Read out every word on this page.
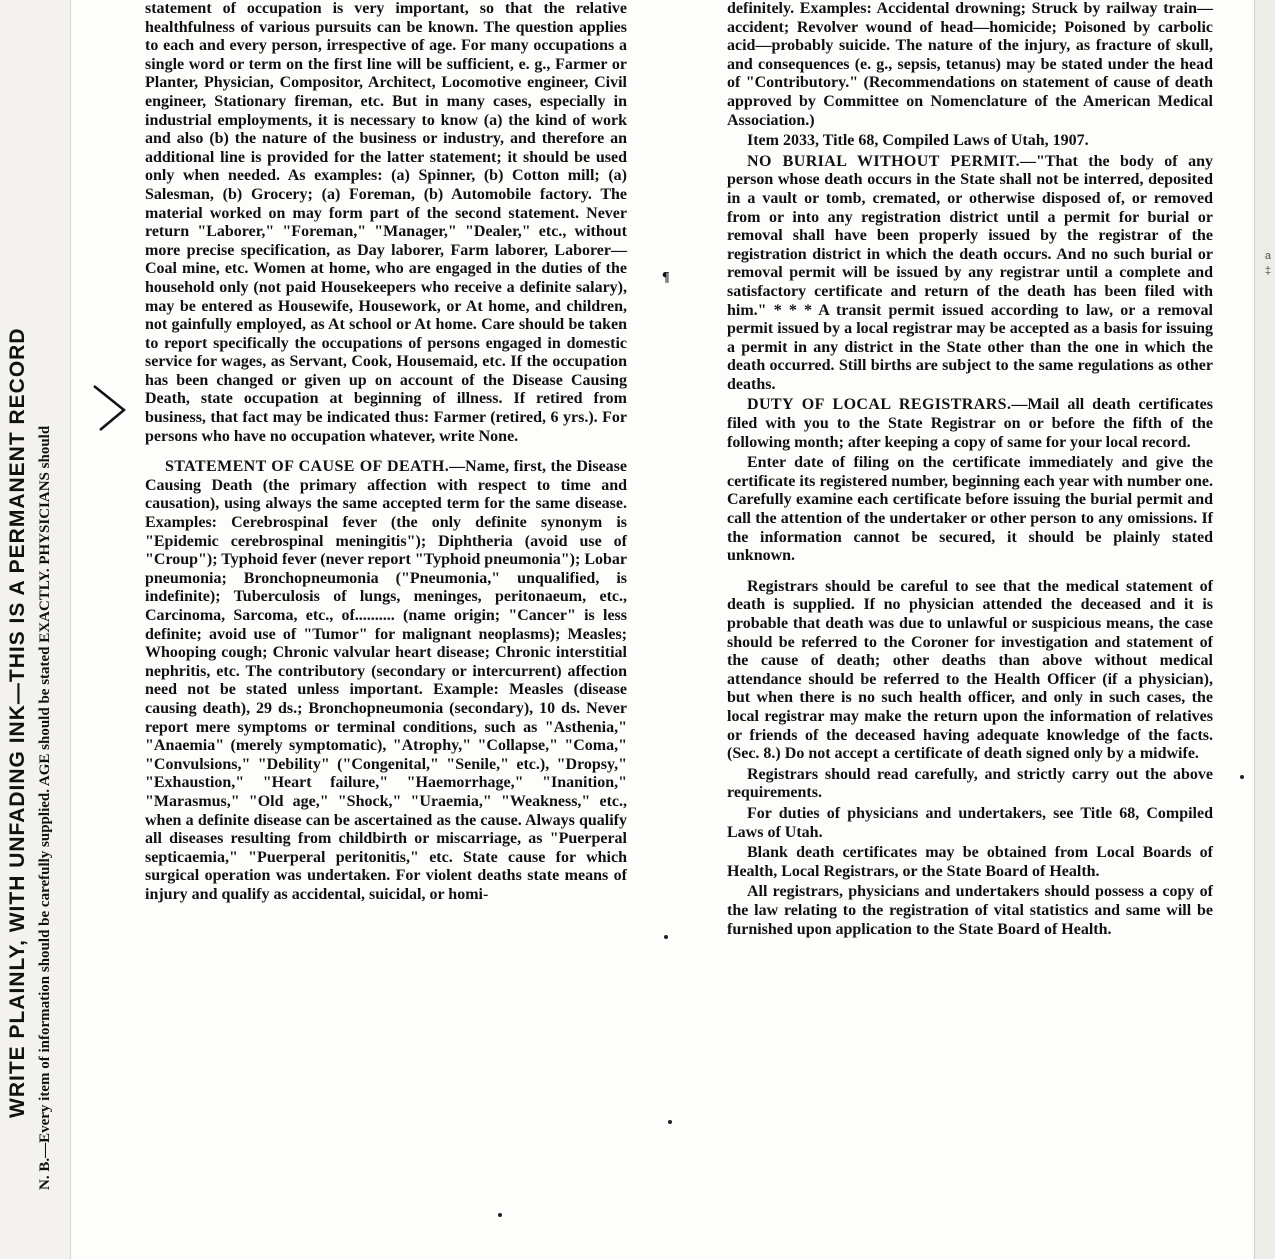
WRITE PLAINLY, WITH UNFADING INK—THIS IS A PERMANENT RECORD N. B.—Every item of information should be carefully supplied. AGE should be stated EXACTLY. PHYSICIANS should
¶

statement of occupation is very important, so that the relative healthfulness of various pursuits can be known. The question applies to each and every person, irrespective of age. For many occupations a single word or term on the first line will be sufficient, e. g., Farmer or Planter, Physician, Compositor, Architect, Locomotive engineer, Civil engineer, Stationary fireman, etc. But in many cases, especially in industrial employments, it is necessary to know (a) the kind of work and also (b) the nature of the business or industry, and therefore an additional line is provided for the latter statement; it should be used only when needed. As examples: (a) Spinner, (b) Cotton mill; (a) Salesman, (b) Grocery; (a) Foreman, (b) Automobile factory. The material worked on may form part of the second statement. Never return "Laborer," "Foreman," "Manager," "Dealer," etc., without more precise specification, as Day laborer, Farm laborer, Laborer—Coal mine, etc. Women at home, who are engaged in the duties of the household only (not paid Housekeepers who receive a definite salary), may be entered as Housewife, Housework, or At home, and children, not gainfully employed, as At school or At home. Care should be taken to report specifically the occupations of persons engaged in domestic service for wages, as Servant, Cook, Housemaid, etc. If the occupation has been changed or given up on account of the Disease Causing Death, state occupation at beginning of illness. If retired from business, that fact may be indicated thus: Farmer (retired, 6 yrs.). For persons who have no occupation whatever, write None.

STATEMENT OF CAUSE OF DEATH.—Name, first, the Disease Causing Death (the primary affection with respect to time and causation), using always the same accepted term for the same disease. Examples: Cerebrospinal fever (the only definite synonym is "Epidemic cerebrospinal meningitis"); Diphtheria (avoid use of "Croup"); Typhoid fever (never report "Typhoid pneumonia"); Lobar pneumonia; Bronchopneumonia ("Pneumonia," unqualified, is indefinite); Tuberculosis of lungs, meninges, peritonaeum, etc., Carcinoma, Sarcoma, etc., of.......... (name origin; "Cancer" is less definite; avoid use of "Tumor" for malignant neoplasms); Measles; Whooping cough; Chronic valvular heart disease; Chronic interstitial nephritis, etc. The contributory (secondary or intercurrent) affection need not be stated unless important. Example: Measles (disease causing death), 29 ds.; Bronchopneumonia (secondary), 10 ds. Never report mere symptoms or terminal conditions, such as "Asthenia," "Anaemia" (merely symptomatic), "Atrophy," "Collapse," "Coma," "Convulsions," "Debility" ("Congenital," "Senile," etc.), "Dropsy," "Exhaustion," "Heart failure," "Haemorrhage," "Inanition," "Marasmus," "Old age," "Shock," "Uraemia," "Weakness," etc., when a definite disease can be ascertained as the cause. Always qualify all diseases resulting from childbirth or miscarriage, as "Puerperal septicaemia," "Puerperal peritonitis," etc. State cause for which surgical operation was undertaken. For violent deaths state means of injury and qualify as accidental, suicidal, or homi-

definitely. Examples: Accidental drowning; Struck by railway train—accident; Revolver wound of head—homicide; Poisoned by carbolic acid—probably suicide. The nature of the injury, as fracture of skull, and consequences (e. g., sepsis, tetanus) may be stated under the head of "Contributory." (Recommendations on statement of cause of death approved by Committee on Nomenclature of the American Medical Association.)

Item 2033, Title 68, Compiled Laws of Utah, 1907.

NO BURIAL WITHOUT PERMIT.—"That the body of any person whose death occurs in the State shall not be interred, deposited in a vault or tomb, cremated, or otherwise disposed of, or removed from or into any registration district until a permit for burial or removal shall have been properly issued by the registrar of the registration district in which the death occurs. And no such burial or removal permit will be issued by any registrar until a complete and satisfactory certificate and return of the death has been filed with him." * * * A transit permit issued according to law, or a removal permit issued by a local registrar may be accepted as a basis for issuing a permit in any district in the State other than the one in which the death occurred. Still births are subject to the same regulations as other deaths.

DUTY OF LOCAL REGISTRARS.—Mail all death certificates filed with you to the State Registrar on or before the fifth of the following month; after keeping a copy of same for your local record.

Enter date of filing on the certificate immediately and give the certificate its registered number, beginning each year with number one. Carefully examine each certificate before issuing the burial permit and call the attention of the undertaker or other person to any omissions. If the information cannot be secured, it should be plainly stated unknown.

Registrars should be careful to see that the medical statement of death is supplied. If no physician attended the deceased and it is probable that death was due to unlawful or suspicious means, the case should be referred to the Coroner for investigation and statement of the cause of death; other deaths than above without medical attendance should be referred to the Health Officer (if a physician), but when there is no such health officer, and only in such cases, the local registrar may make the return upon the information of relatives or friends of the deceased having adequate knowledge of the facts. (Sec. 8.) Do not accept a certificate of death signed only by a midwife.

Registrars should read carefully, and strictly carry out the above requirements.

For duties of physicians and undertakers, see Title 68, Compiled Laws of Utah.

Blank death certificates may be obtained from Local Boards of Health, Local Registrars, or the State Board of Health.

All registrars, physicians and undertakers should possess a copy of the law relating to the registration of vital statistics and same will be furnished upon application to the State Board of Health.

a
‡
